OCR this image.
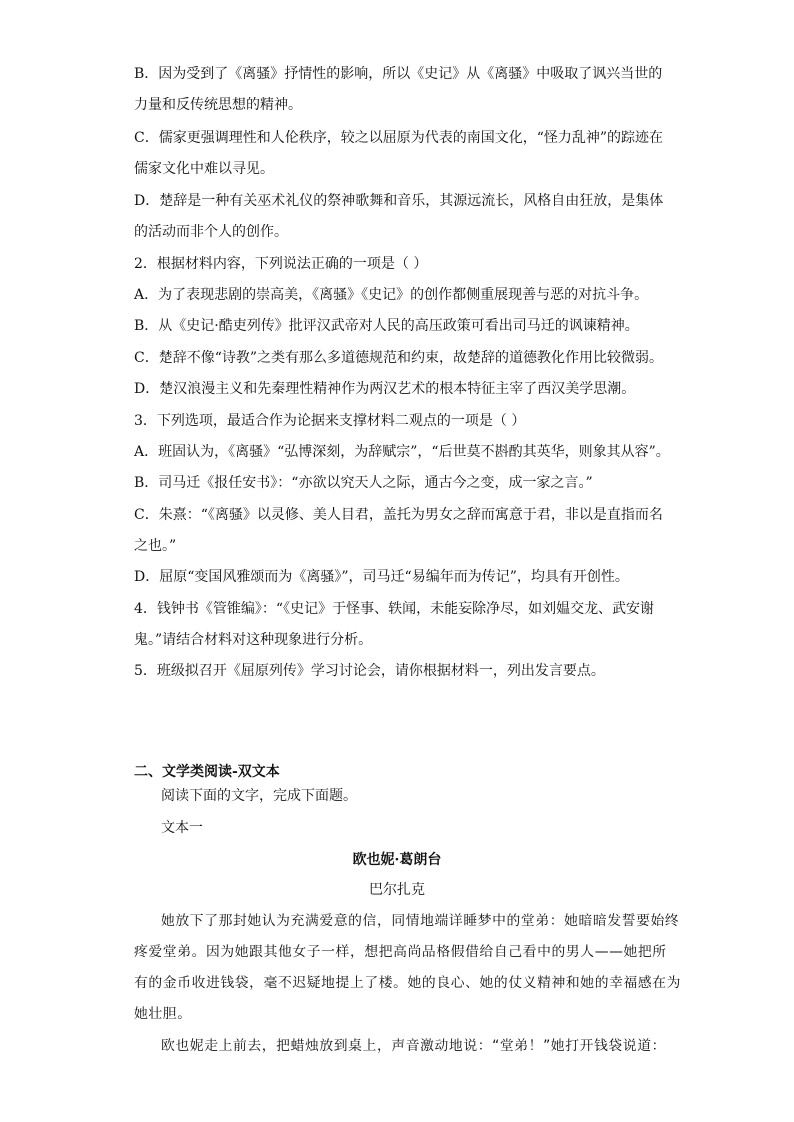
B．因为受到了《离骚》抒情性的影响，所以《史记》从《离骚》中吸取了讽兴当世的
力量和反传统思想的精神。
C．儒家更强调理性和人伦秩序，较之以屈原为代表的南国文化，“怪力乱神”的踪迹在
儒家文化中难以寻见。
D．楚辞是一种有关巫术礼仪的祭神歌舞和音乐，其源远流长，风格自由狂放，是集体
的活动而非个人的创作。
2．根据材料内容，下列说法正确的一项是（ ）
A．为了表现悲剧的崇高美，《离骚》《史记》的创作都侧重展现善与恶的对抗斗争。
B．从《史记·酷吏列传》批评汉武帝对人民的高压政策可看出司马迁的讽谏精神。
C．楚辞不像“诗教”之类有那么多道德规范和约束，故楚辞的道德教化作用比较微弱。
D．楚汉浪漫主义和先秦理性精神作为两汉艺术的根本特征主宰了西汉美学思潮。
3．下列选项，最适合作为论据来支撑材料二观点的一项是（ ）
A．班固认为，《离骚》“弘博深刻，为辞赋宗”，“后世莫不斟酌其英华，则象其从容”。
B．司马迁《报任安书》：“亦欲以究天人之际，通古今之变，成一家之言。”
C．朱熹：“《离骚》以灵修、美人目君，盖托为男女之辞而寓意于君，非以是直指而名
之也。”
D．屈原“变国风雅颂而为《离骚》”，司马迁“易编年而为传记”，均具有开创性。
4．钱钟书《管锥编》：“《史记》于怪事、轶闻，未能妄除净尽，如刘媪交龙、武安谢
鬼。”请结合材料对这种现象进行分析。
5．班级拟召开《屈原列传》学习讨论会，请你根据材料一，列出发言要点。
二、文学类阅读-双文本
阅读下面的文字，完成下面题。
文本一
欧也妮·葛朗台
巴尔扎克
她放下了那封她认为充满爱意的信，同情地端详睡梦中的堂弟：她暗暗发誓要始终
疼爱堂弟。因为她跟其他女子一样，想把高尚品格假借给自己看中的男人——她把所
有的金币收进钱袋，毫不迟疑地提上了楼。她的良心、她的仗义精神和她的幸福感在为
她壮胆。
欧也妮走上前去，把蜡烛放到桌上，声音激动地说：“堂弟！”她打开钱袋说道：
